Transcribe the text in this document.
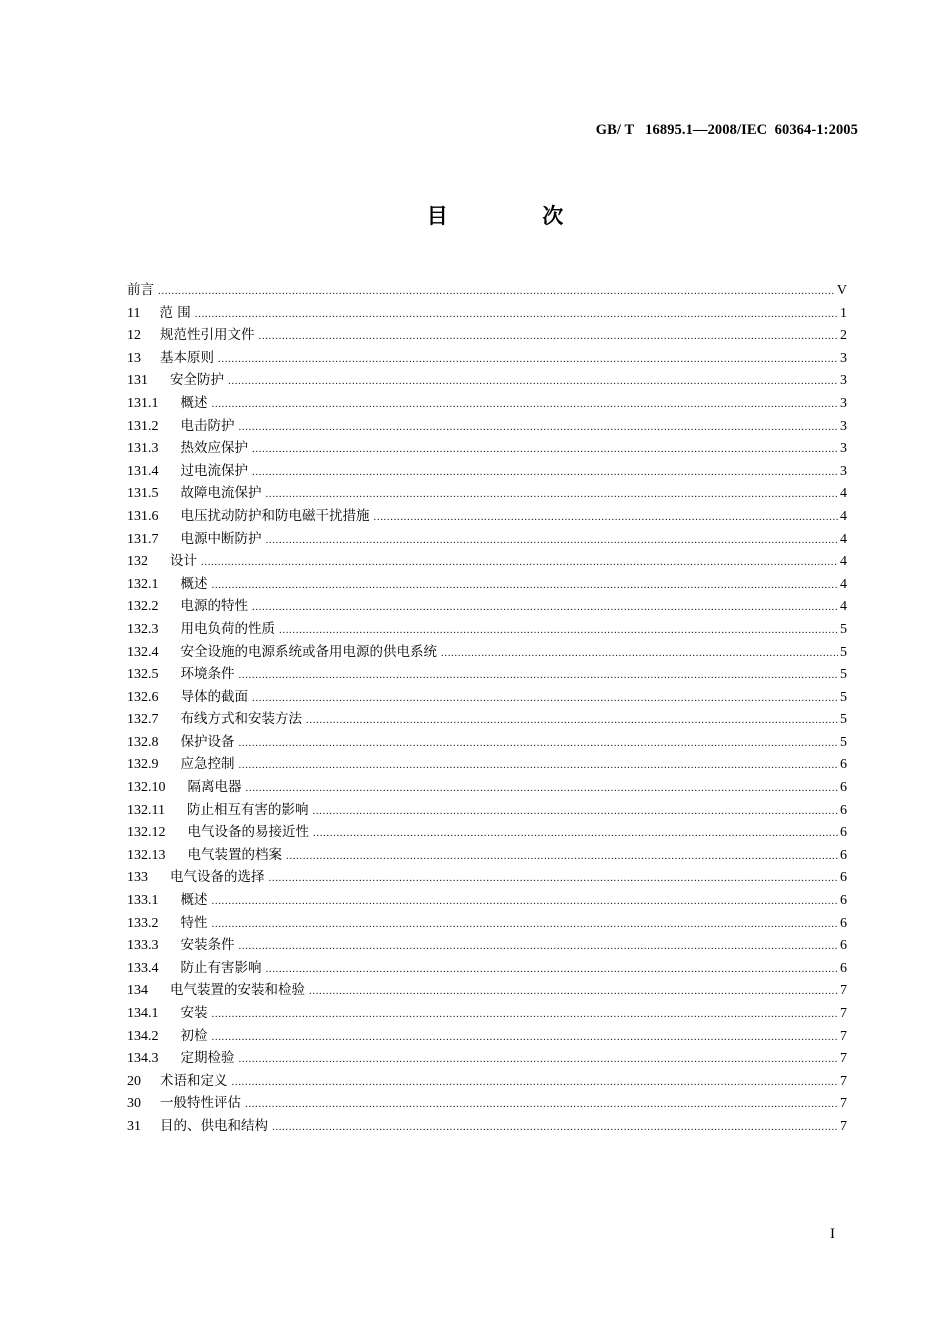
GB/ T   16895.1—2008/IEC  60364-1:2005
目  次
前言 .....	V
11 范 围 .....	1
12 规范性引用文件 .....	2
13 基本原则 .....	3
131 安全防护 .....	3
131.1 概述 .....	3
131.2 电击防护 .....	3
131.3 热效应保护 .....	3
131.4 过电流保护 .....	3
131.5 故障电流保护 .....	4
131.6 电压扰动防护和防电磁干扰措施 .....	4
131.7 电源中断防护 .....	4
132 设计 .....	4
132.1 概述 .....	4
132.2 电源的特性 .....	4
132.3 用电负荷的性质 .....	5
132.4 安全设施的电源系统或备用电源的供电系统 .....	5
132.5 环境条件 .....	5
132.6 导体的截面 .....	5
132.7 布线方式和安装方法 .....	5
132.8 保护设备 .....	5
132.9 应急控制 .....	6
132.10 隔离电器 .....	6
132.11 防止相互有害的影响 .....	6
132.12 电气设备的易接近性 .....	6
132.13 电气装置的档案 .....	6
133 电气设备的选择 .....	6
133.1 概述 .....	6
133.2 特性 .....	6
133.3 安装条件 .....	6
133.4 防止有害影响 .....	6
134 电气装置的安装和检验 .....	7
134.1 安装 .....	7
134.2 初检 .....	7
134.3 定期检验 .....	7
20 术语和定义 .....	7
30 一般特性评估 .....	7
31 目的、供电和结构 .....	7
I
